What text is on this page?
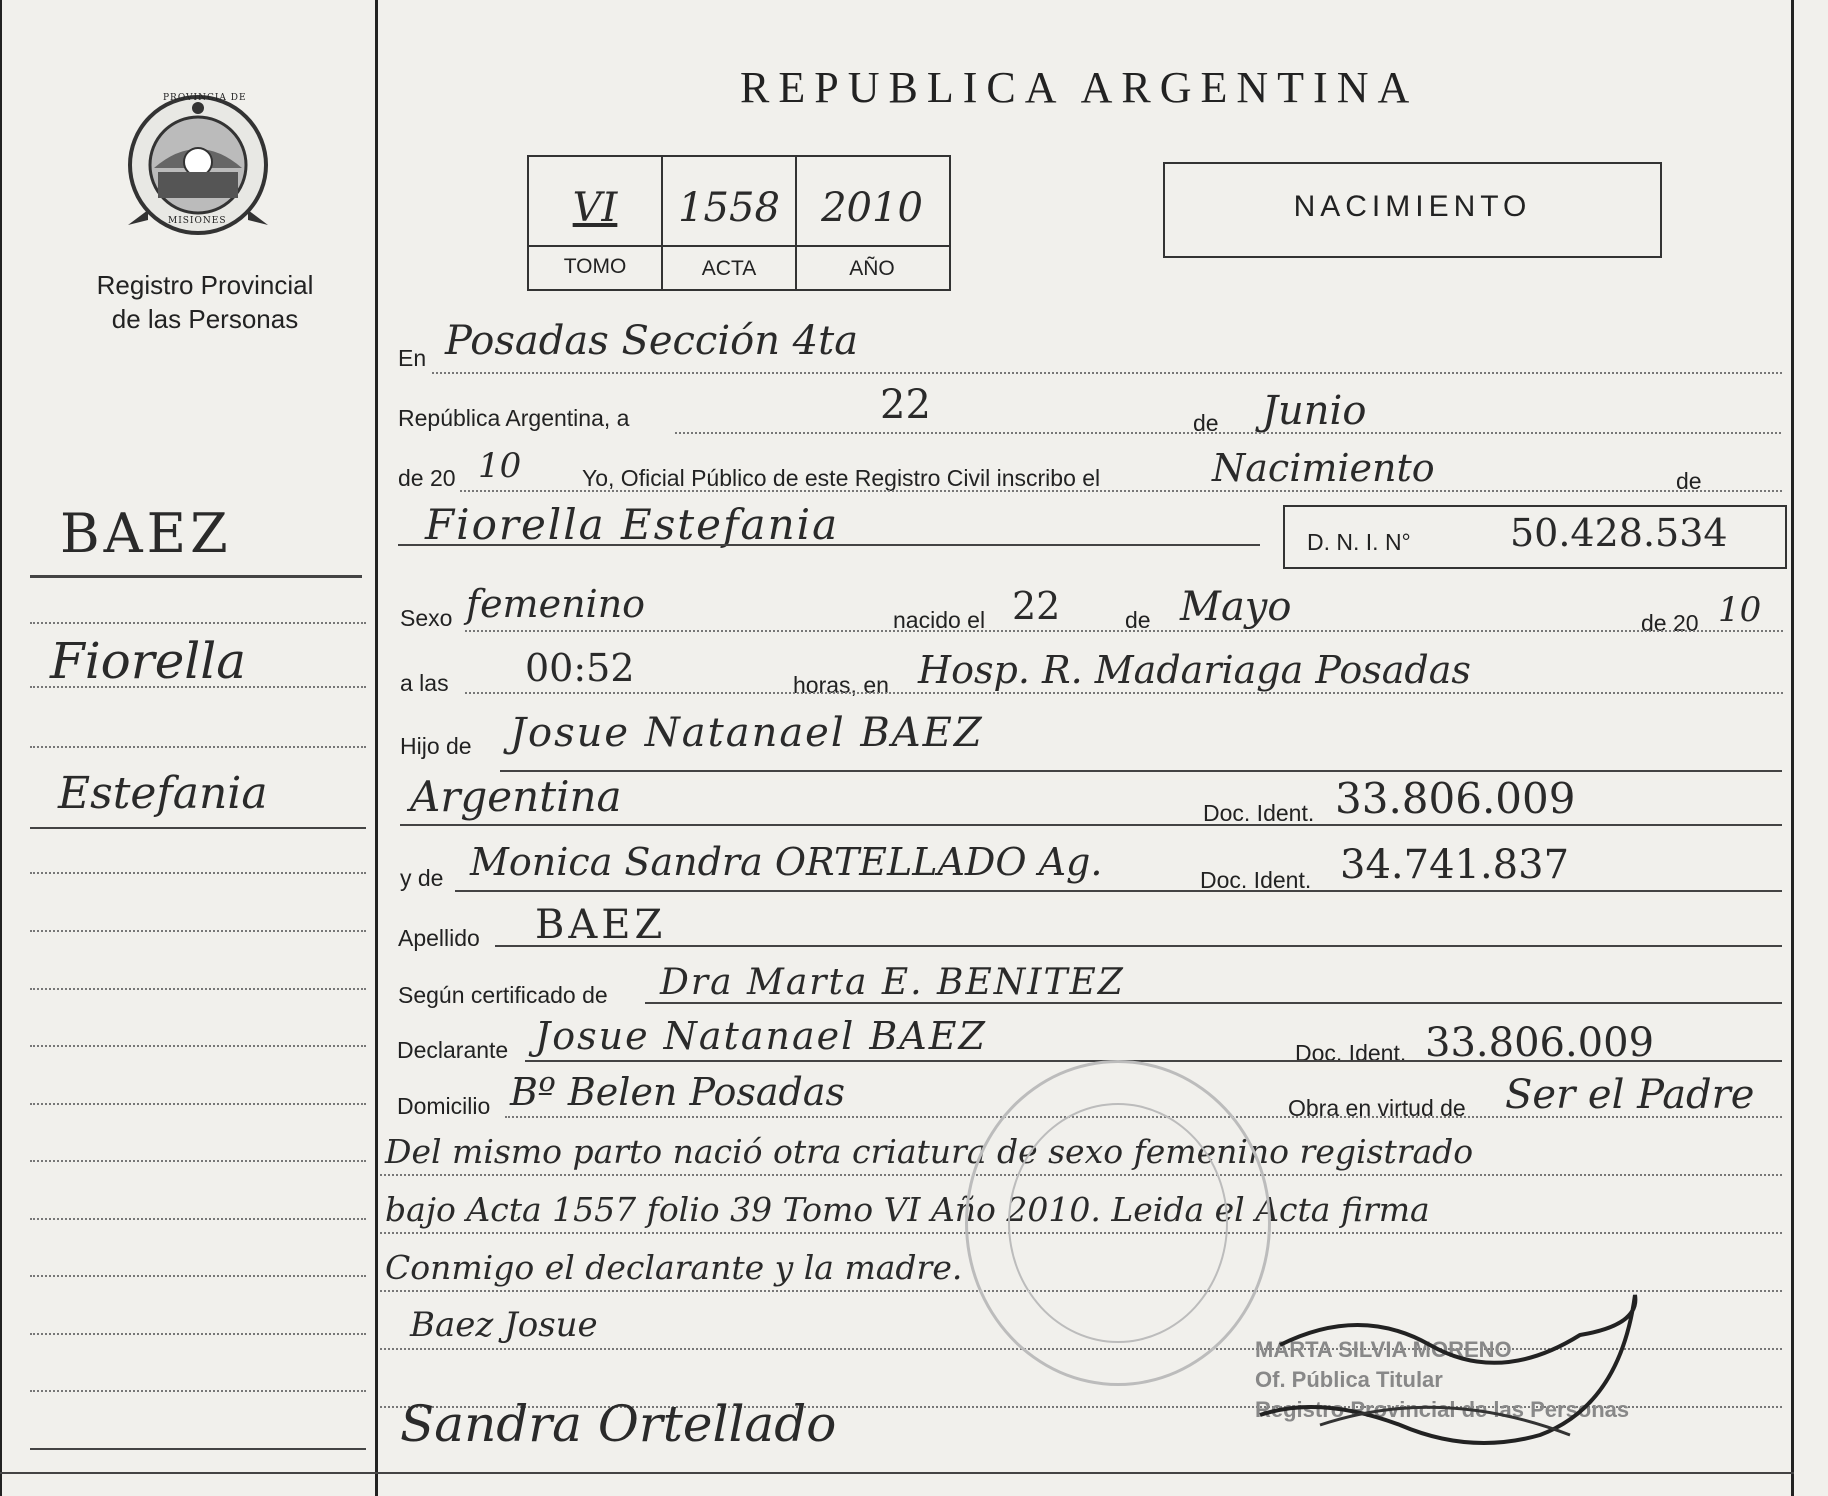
PROVINCIA DE
MISIONES
Registro Provincial
de las Personas
BAEZ
Fiorella
Estefania
REPUBLICA ARGENTINA
VI	1558	2010
TOMO	ACTA	AÑO
NACIMIENTO
En Posadas Sección 4ta
República Argentina, a	22	de Junio
de 20 10	Yo, Oficial Público de este Registro Civil inscribo el	Nacimiento	de
Fiorella Estefania	D. N. I. N°	50.428.534
Sexo femenino	nacido el 22	de Mayo	de 20 10
a las 00:52	horas, en Hosp. R. Madariaga Posadas
Hijo de Josue Natanael BAEZ
Argentina	Doc. Ident. 33.806.009
y de Monica Sandra ORTELLADO Ag.	Doc. Ident. 34.741.837
Apellido BAEZ
Según certificado de Dra Marta E. BENITEZ
Declarante Josue Natanael BAEZ	Doc. Ident. 33.806.009
Domicilio Bº Belen Posadas	Obra en virtud de Ser el Padre
Del mismo parto nació otra criatura de sexo femenino registrado
bajo Acta 1557 folio 39 Tomo VI Año 2010. Leida el Acta firma
Conmigo el declarante y la madre.
Baez Josue
Sandra Ortellado
MARTA SILVIA MORENO
Of. Pública Titular
Registro Provincial de las Personas
